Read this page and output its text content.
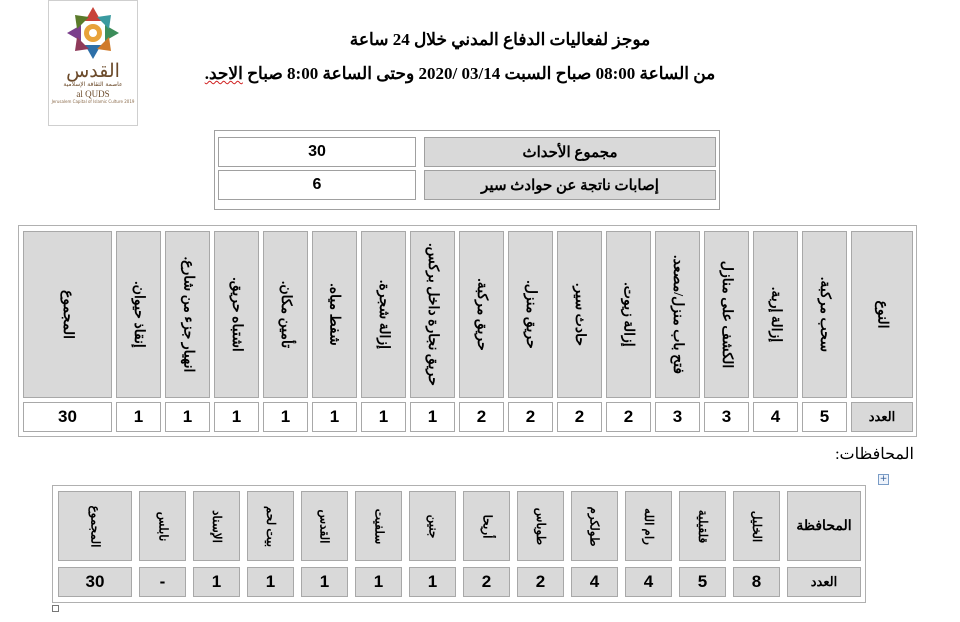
القدس
عاصمة الثقافة الإسلامية
al QUDS
Jerusalem Capital of Islamic Culture 2019
موجز لفعاليات الدفاع المدني خلال 24 ساعة
من الساعة 08:00 صباح السبت 03/14 /2020 وحتى الساعة 8:00 صباح الاحد.
30	مجموع الأحداث
6	إصابات ناتجة عن حوادث سير
المجموع
30
إنقاذ حيوان.
1
انهيار جزء من شارع.
1
اشتباه حريق.
1
تأمين مكان.
1
شفط مياه.
1
إزالة شجرة.
1
حريق نجارة داخل بركس.
1
حريق مركبة.
2
حريق منزل.
2
حادث سير.
2
إزالة زيوت.
2
فتح باب منزل/مصعد.
3
الكشف على منازل
3
إزالة إربة.
4
سحب مركبة.
5
النوع
العدد
المحافظات:
+
المجموع
30
نابلس
-
الإسناد
1
بيت لحم
1
القدس
1
سلفيت
1
جنين
1
أريحا
2
طوباس
2
طولكرم
4
رام الله
4
قلقيلية
5
الخليل
8
المحافظة
العدد
